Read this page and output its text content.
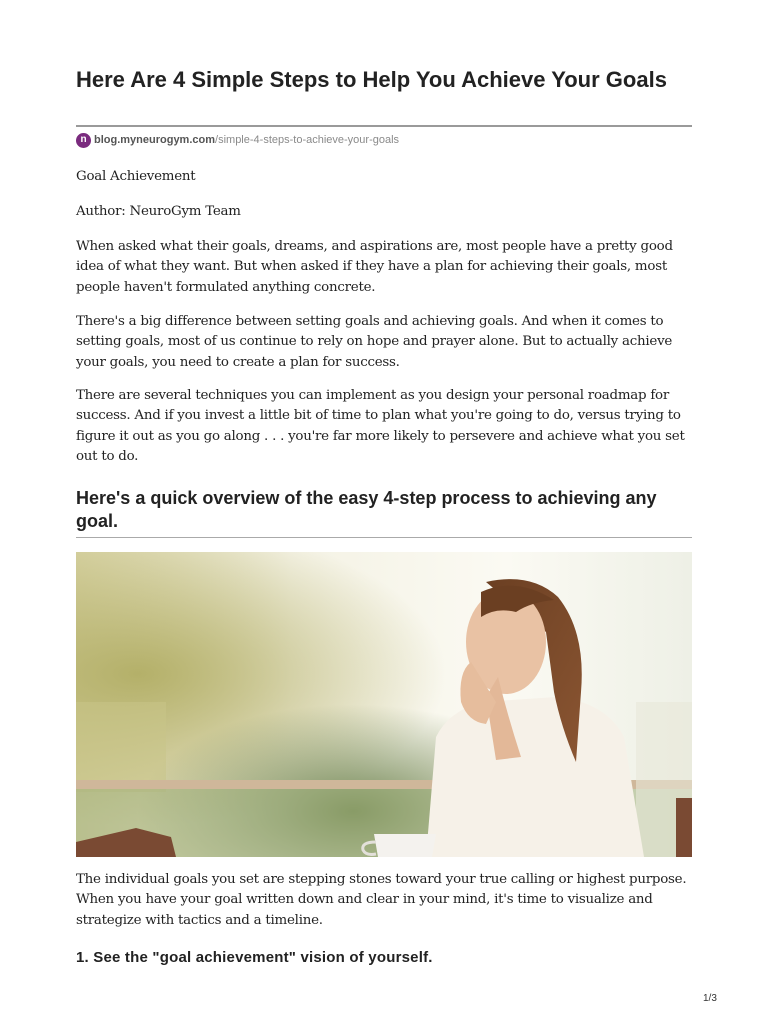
Here Are 4 Simple Steps to Help You Achieve Your Goals
n blog.myneurogym.com /simple-4-steps-to-achieve-your-goals

Goal Achievement

Author: NeuroGym Team

When asked what their goals, dreams, and aspirations are, most people have a pretty good idea of what they want. But when asked if they have a plan for achieving their goals, most people haven't formulated anything concrete.

There's a big difference between setting goals and achieving goals. And when it comes to setting goals, most of us continue to rely on hope and prayer alone. But to actually achieve your goals, you need to create a plan for success.

There are several techniques you can implement as you design your personal roadmap for success. And if you invest a little bit of time to plan what you're going to do, versus trying to figure it out as you go along . . . you're far more likely to persevere and achieve what you set out to do.

Here's a quick overview of the easy 4-step process to achieving any goal.

The individual goals you set are stepping stones toward your true calling or highest purpose. When you have your goal written down and clear in your mind, it's time to visualize and strategize with tactics and a timeline.

1. See the "goal achievement" vision of yourself.
1/3
